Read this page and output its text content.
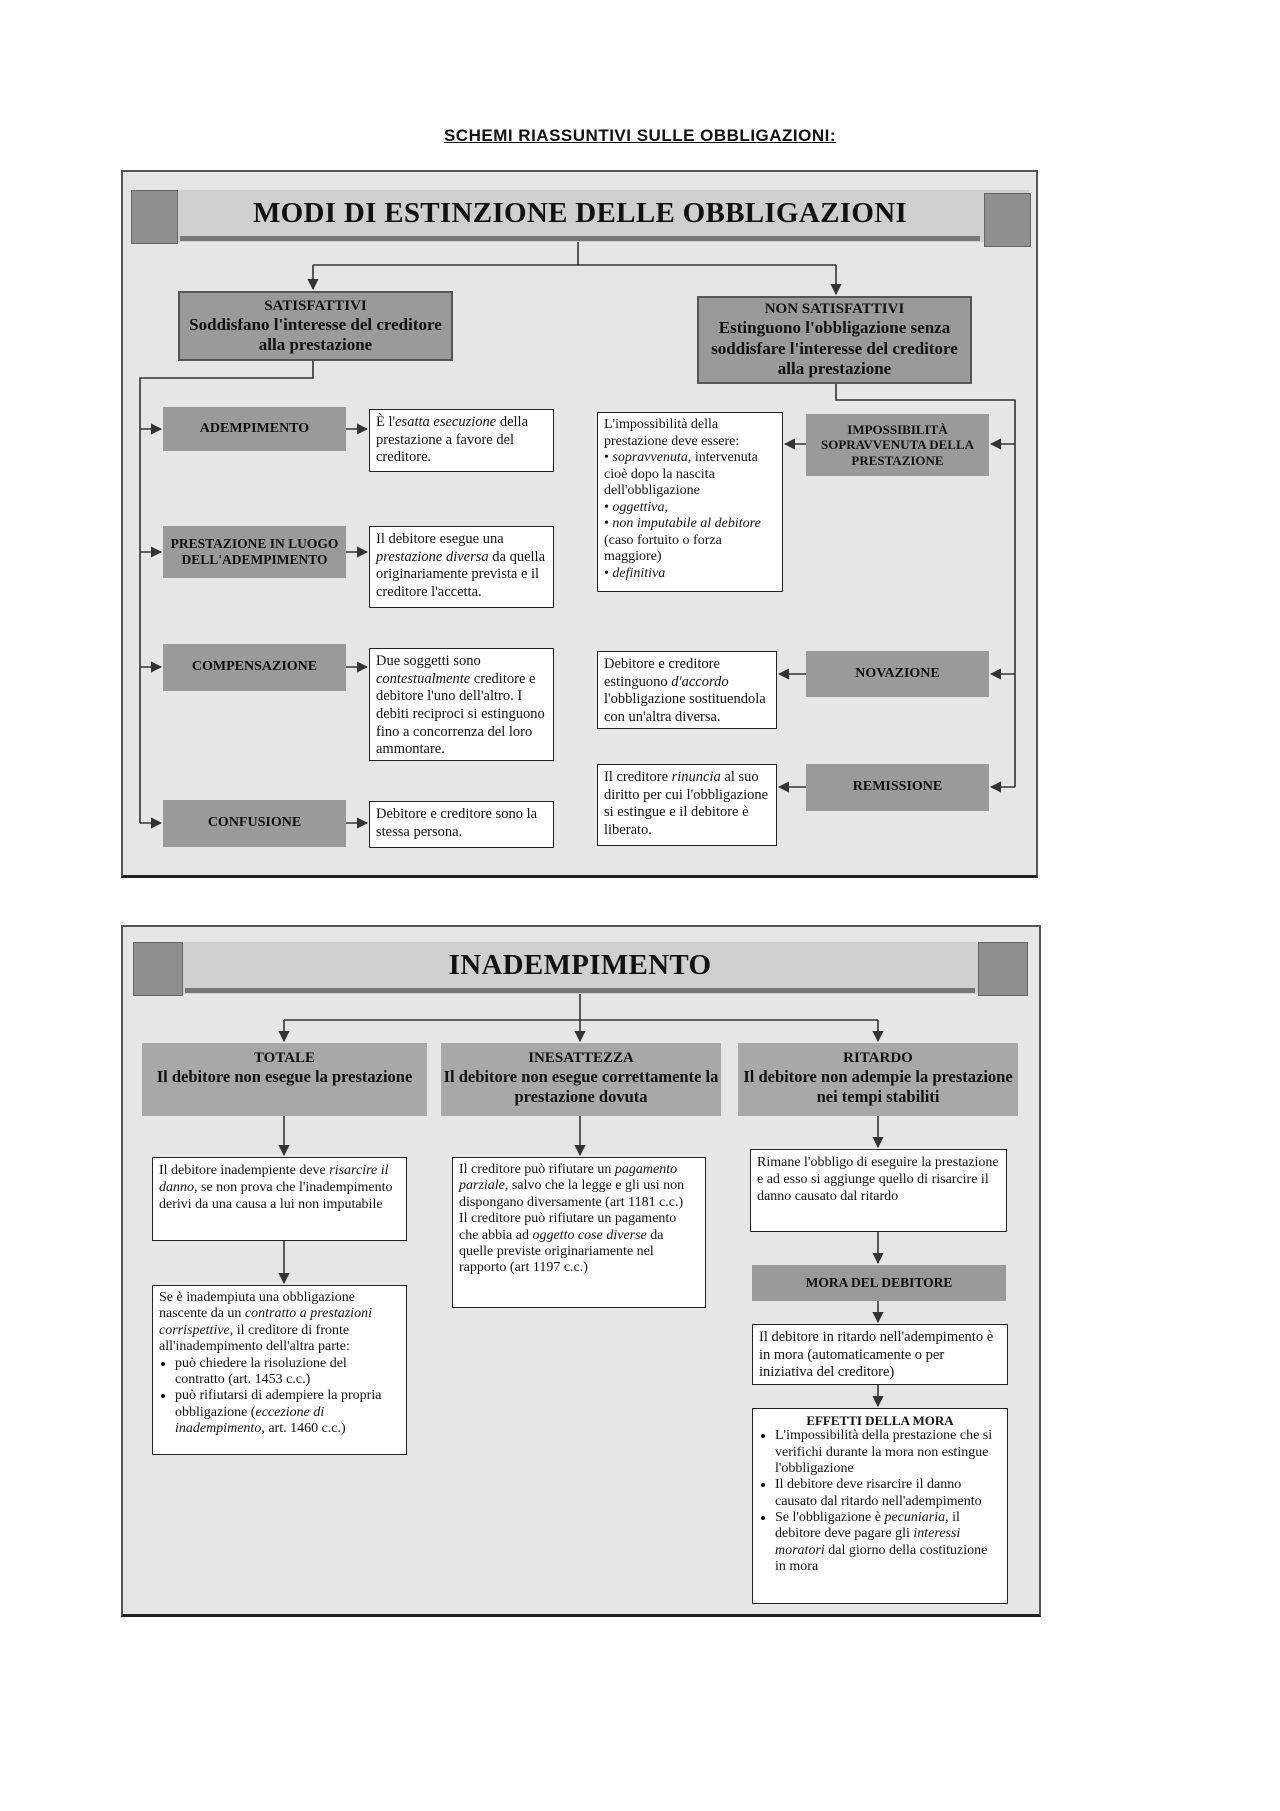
SCHEMI RIASSUNTIVI SULLE OBBLIGAZIONI:
MODI DI ESTINZIONE DELLE OBBLIGAZIONI
SATISFATTIVI
Soddisfano l'interesse del creditore alla prestazione
NON SATISFATTIVI
Estinguono l'obbligazione senza soddisfare l'interesse del creditore alla prestazione
ADEMPIMENTO	È l'esatta esecuzione della prestazione a favore del creditore.
PRESTAZIONE IN LUOGO DELL'ADEMPIMENTO
Il debitore esegue una prestazione diversa da quella originariamente prevista e il creditore l'accetta.
COMPENSAZIONE	Due soggetti sono contestualmente creditore e debitore l'uno dell'altro. I debiti reciproci si estinguono fino a concorrenza del loro ammontare.
CONFUSIONE
Debitore e creditore sono la stessa persona.
IMPOSSIBILITÀ SOPRAVVENUTA DELLA PRESTAZIONE
L'impossibilità della prestazione deve essere:
• sopravvenuta, intervenuta cioè dopo la nascita dell'obbligazione
• oggettiva,
• non imputabile al debitore (caso fortuito o forza maggiore)
• definitiva
NOVAZIONE
Debitore e creditore estinguono d'accordo l'obbligazione sostituendola con un'altra diversa.
REMISSIONE
Il creditore rinuncia al suo diritto per cui l'obbligazione si estingue e il debitore è liberato.
INADEMPIMENTO
TOTALE
Il debitore non esegue la prestazione
INESATTEZZA
Il debitore non esegue correttamente la prestazione dovuta
RITARDO
Il debitore non adempie la prestazione nei tempi stabiliti
Il debitore inadempiente deve risarcire il danno, se non prova che l'inadempimento derivi da una causa a lui non imputabile
Se è inadempiuta una obbligazione nascente da un contratto a prestazioni corrispettive, il creditore di fronte all'inadempimento dell'altra parte:
• può chiedere la risoluzione del contratto (art. 1453 c.c.)
• può rifiutarsi di adempiere la propria obbligazione (eccezione di inadempimento, art. 1460 c.c.)
Il creditore può rifiutare un pagamento parziale, salvo che la legge e gli usi non dispongano diversamente (art 1181 c.c.)
Il creditore può rifiutare un pagamento che abbia ad oggetto cose diverse da quelle previste originariamente nel rapporto (art 1197 c.c.)
Rimane l'obbligo di eseguire la prestazione e ad esso si aggiunge quello di risarcire il danno causato dal ritardo
MORA DEL DEBITORE
Il debitore in ritardo nell'adempimento è in mora (automaticamente o per iniziativa del creditore)
EFFETTI DELLA MORA
• L'impossibilità della prestazione che si verifichi durante la mora non estingue l'obbligazione
• Il debitore deve risarcire il danno causato dal ritardo nell'adempimento
• Se l'obbligazione è pecuniaria, il debitore deve pagare gli interessi moratori dal giorno della costituzione in mora
